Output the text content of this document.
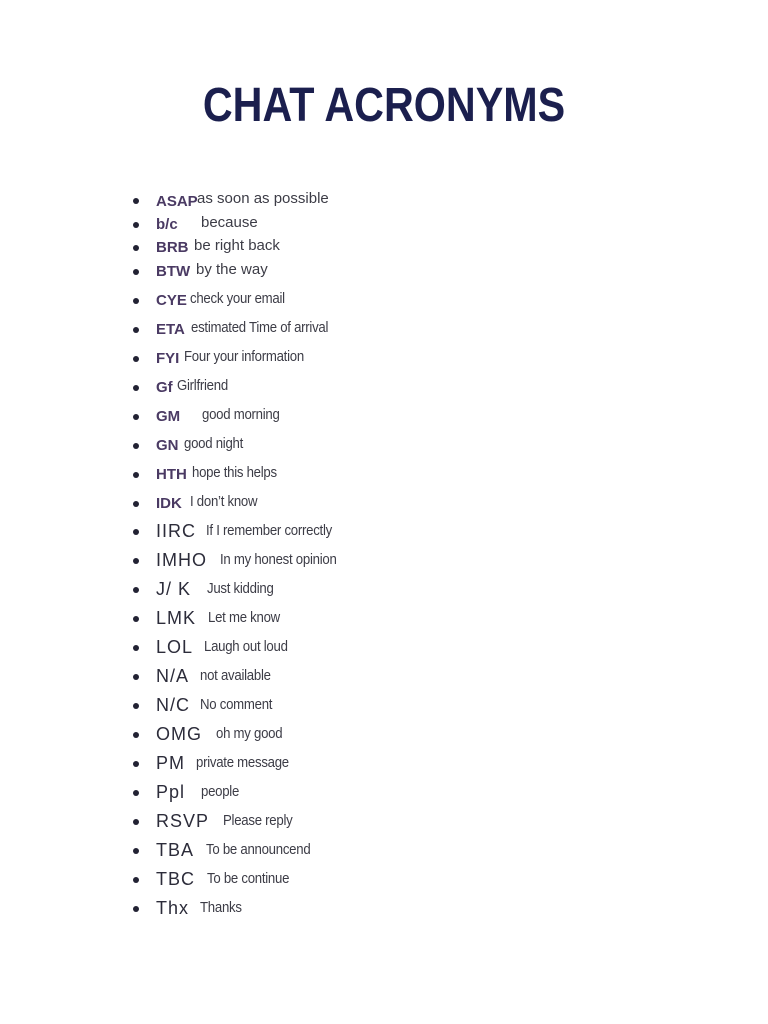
CHAT ACRONYMS
ASAP as soon as possible
b/c because
BRB be right back
BTW by the way
CYE check your email
ETA estimated Time of arrival
FYI Four your information
Gf Girlfriend
GM good morning
GN good night
HTH hope this helps
IDK I don’t know
IIRC If I remember correctly
IMHO In my honest opinion
J/ K Just kidding
LMK Let me know
LOL Laugh out loud
N/A not available
N/C No comment
OMG oh my good
PM private message
Ppl people
RSVP Please reply
TBA To be announcend
TBC To be continue
Thx Thanks
